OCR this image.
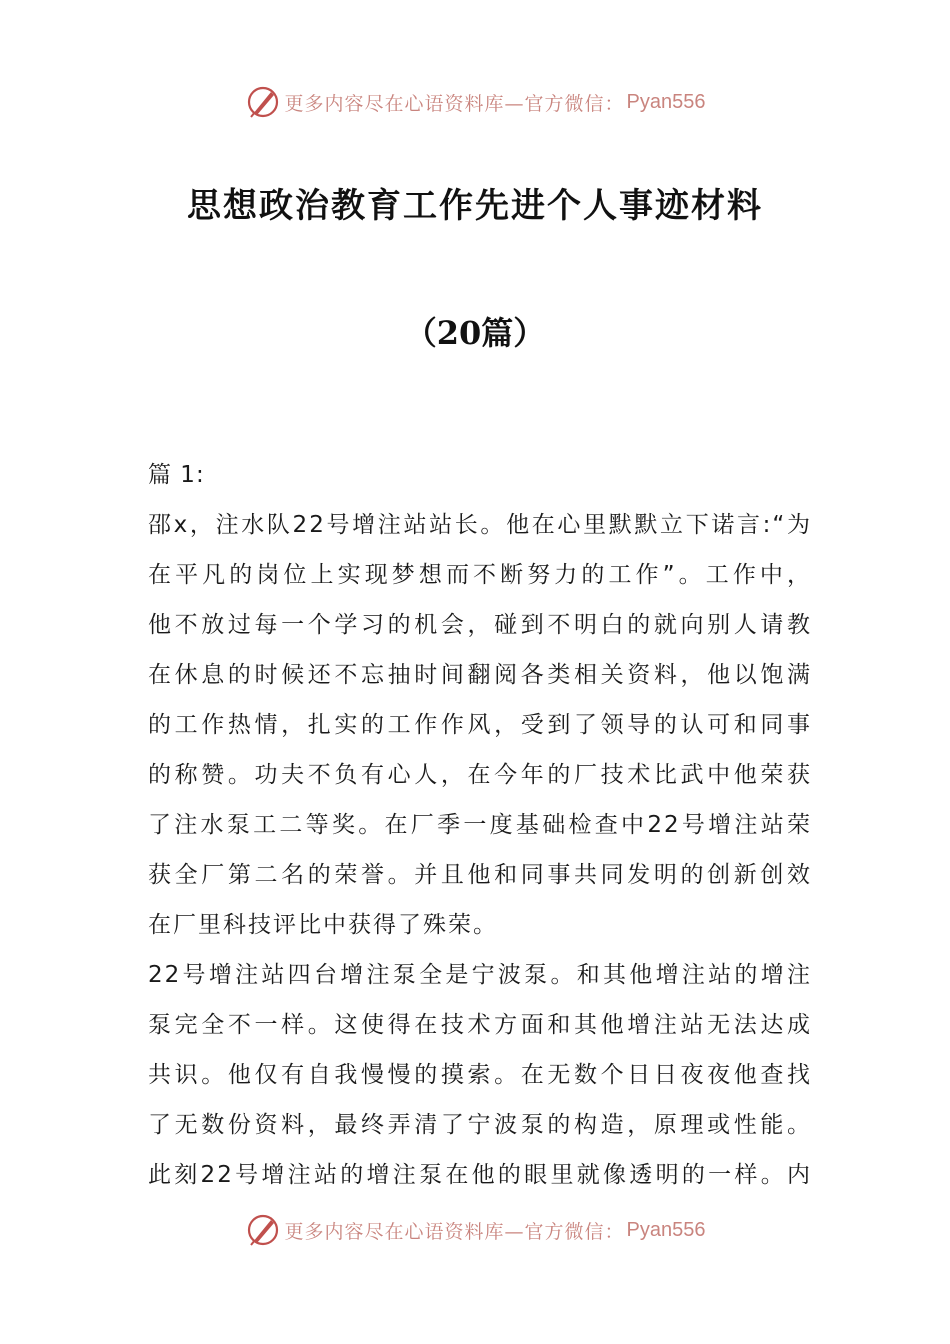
更多内容尽在心语资料库—官方微信： Pyan556
思想政治教育工作先进个人事迹材料
（20篇）
篇 1:
邵x，注水队22号增注站站长。他在心里默默立下诺言:“为
在平凡的岗位上实现梦想而不断努力的工作”。工作中，
他不放过每一个学习的机会，碰到不明白的就向别人请教
在休息的时候还不忘抽时间翻阅各类相关资料，他以饱满
的工作热情，扎实的工作作风，受到了领导的认可和同事
的称赞。功夫不负有心人，在今年的厂技术比武中他荣获
了注水泵工二等奖。在厂季一度基础检查中22号增注站荣
获全厂第二名的荣誉。并且他和同事共同发明的创新创效
在厂里科技评比中获得了殊荣。
22号增注站四台增注泵全是宁波泵。和其他增注站的增注
泵完全不一样。这使得在技术方面和其他增注站无法达成
共识。他仅有自我慢慢的摸索。在无数个日日夜夜他查找
了无数份资料，最终弄清了宁波泵的构造，原理或性能。
此刻22号增注站的增注泵在他的眼里就像透明的一样。内
更多内容尽在心语资料库—官方微信： Pyan556
